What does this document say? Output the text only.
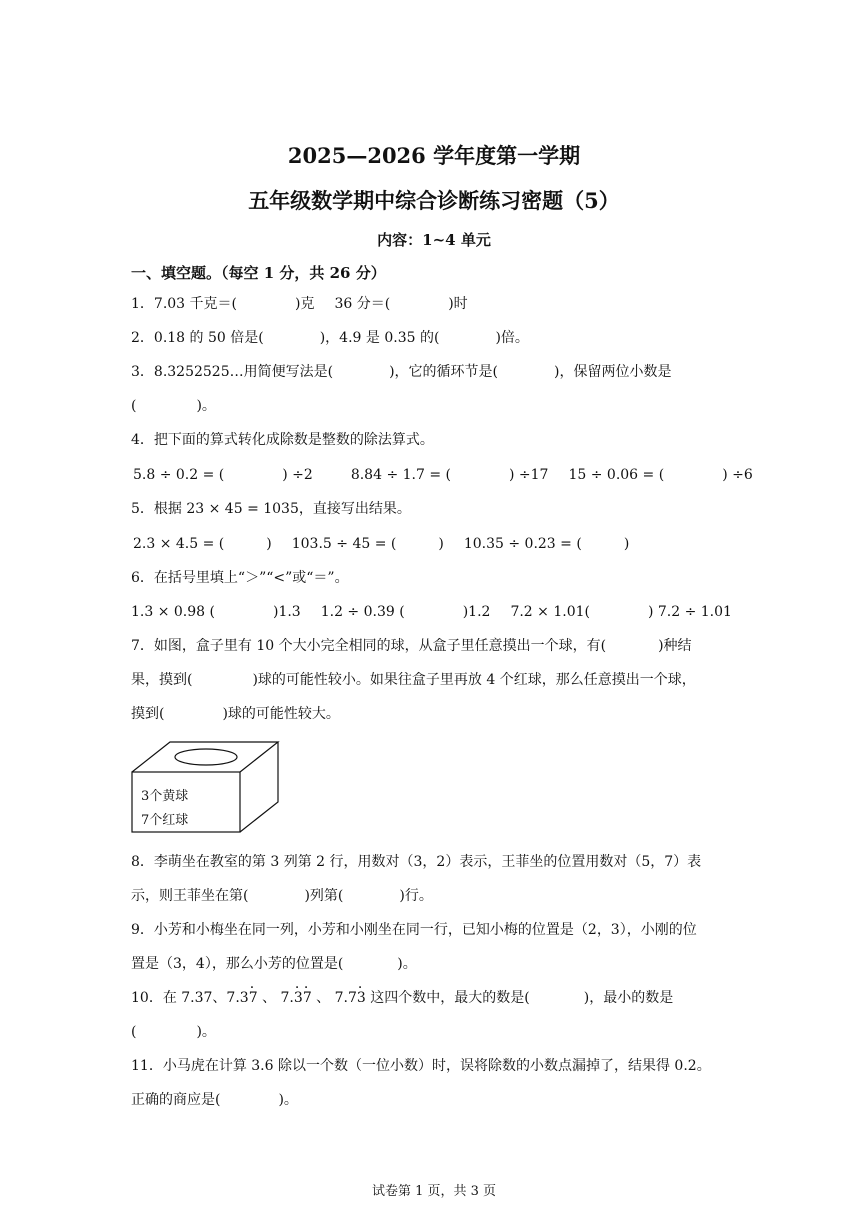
2025—2026 学年度第一学期
五年级数学期中综合诊断练习密题（5）
内容：1~4 单元
一、填空题。（每空 1 分，共 26 分）
1．7.03 千克＝(	)克 36 分＝(	)时
2．0.18 的 50 倍是(	)，4.9 是 0.35 的(	)倍。
3．8.3252525…用简便写法是(	)，它的循环节是(	)，保留两位小数是
(	)。
4．把下面的算式转化成除数是整数的除法算式。
5.8 ÷ 0.2 = (	) ÷2	8.84 ÷ 1.7 = (	) ÷17 15 ÷ 0.06 = (	) ÷6
5．根据 23 × 45 = 1035，直接写出结果。
2.3 × 4.5 = (	) 103.5 ÷ 45 = (	) 10.35 ÷ 0.23 = (	)
6．在括号里填上“＞”“<”或“＝”。
1.3 × 0.98 (	)1.3 1.2 ÷ 0.39 (	)1.2 7.2 × 1.01(	) 7.2 ÷ 1.01
7．如图，盒子里有 10 个大小完全相同的球，从盒子里任意摸出一个球，有(	)种结
果，摸到(	)球的可能性较小。如果往盒子里再放 4 个红球，那么任意摸出一个球，
摸到(	)球的可能性较大。
3个黄球
7个红球
8．李萌坐在教室的第 3 列第 2 行，用数对（3，2）表示，王菲坐的位置用数对（5，7）表
示，则王菲坐在第(	)列第(	)行。
9．小芳和小梅坐在同一列，小芳和小刚坐在同一行，已知小梅的位置是（2，3），小刚的位
置是（3，4），那么小芳的位置是(	)。
10．在 7.37、7.37 · 、 7.3 ·7 · 、 7.73 · 这四个数中，最大的数是(	)，最小的数是
(	)。
11．小马虎在计算 3.6 除以一个数（一位小数）时，误将除数的小数点漏掉了，结果得 0.2。
正确的商应是(	)。
试卷第 1 页，共 3 页
